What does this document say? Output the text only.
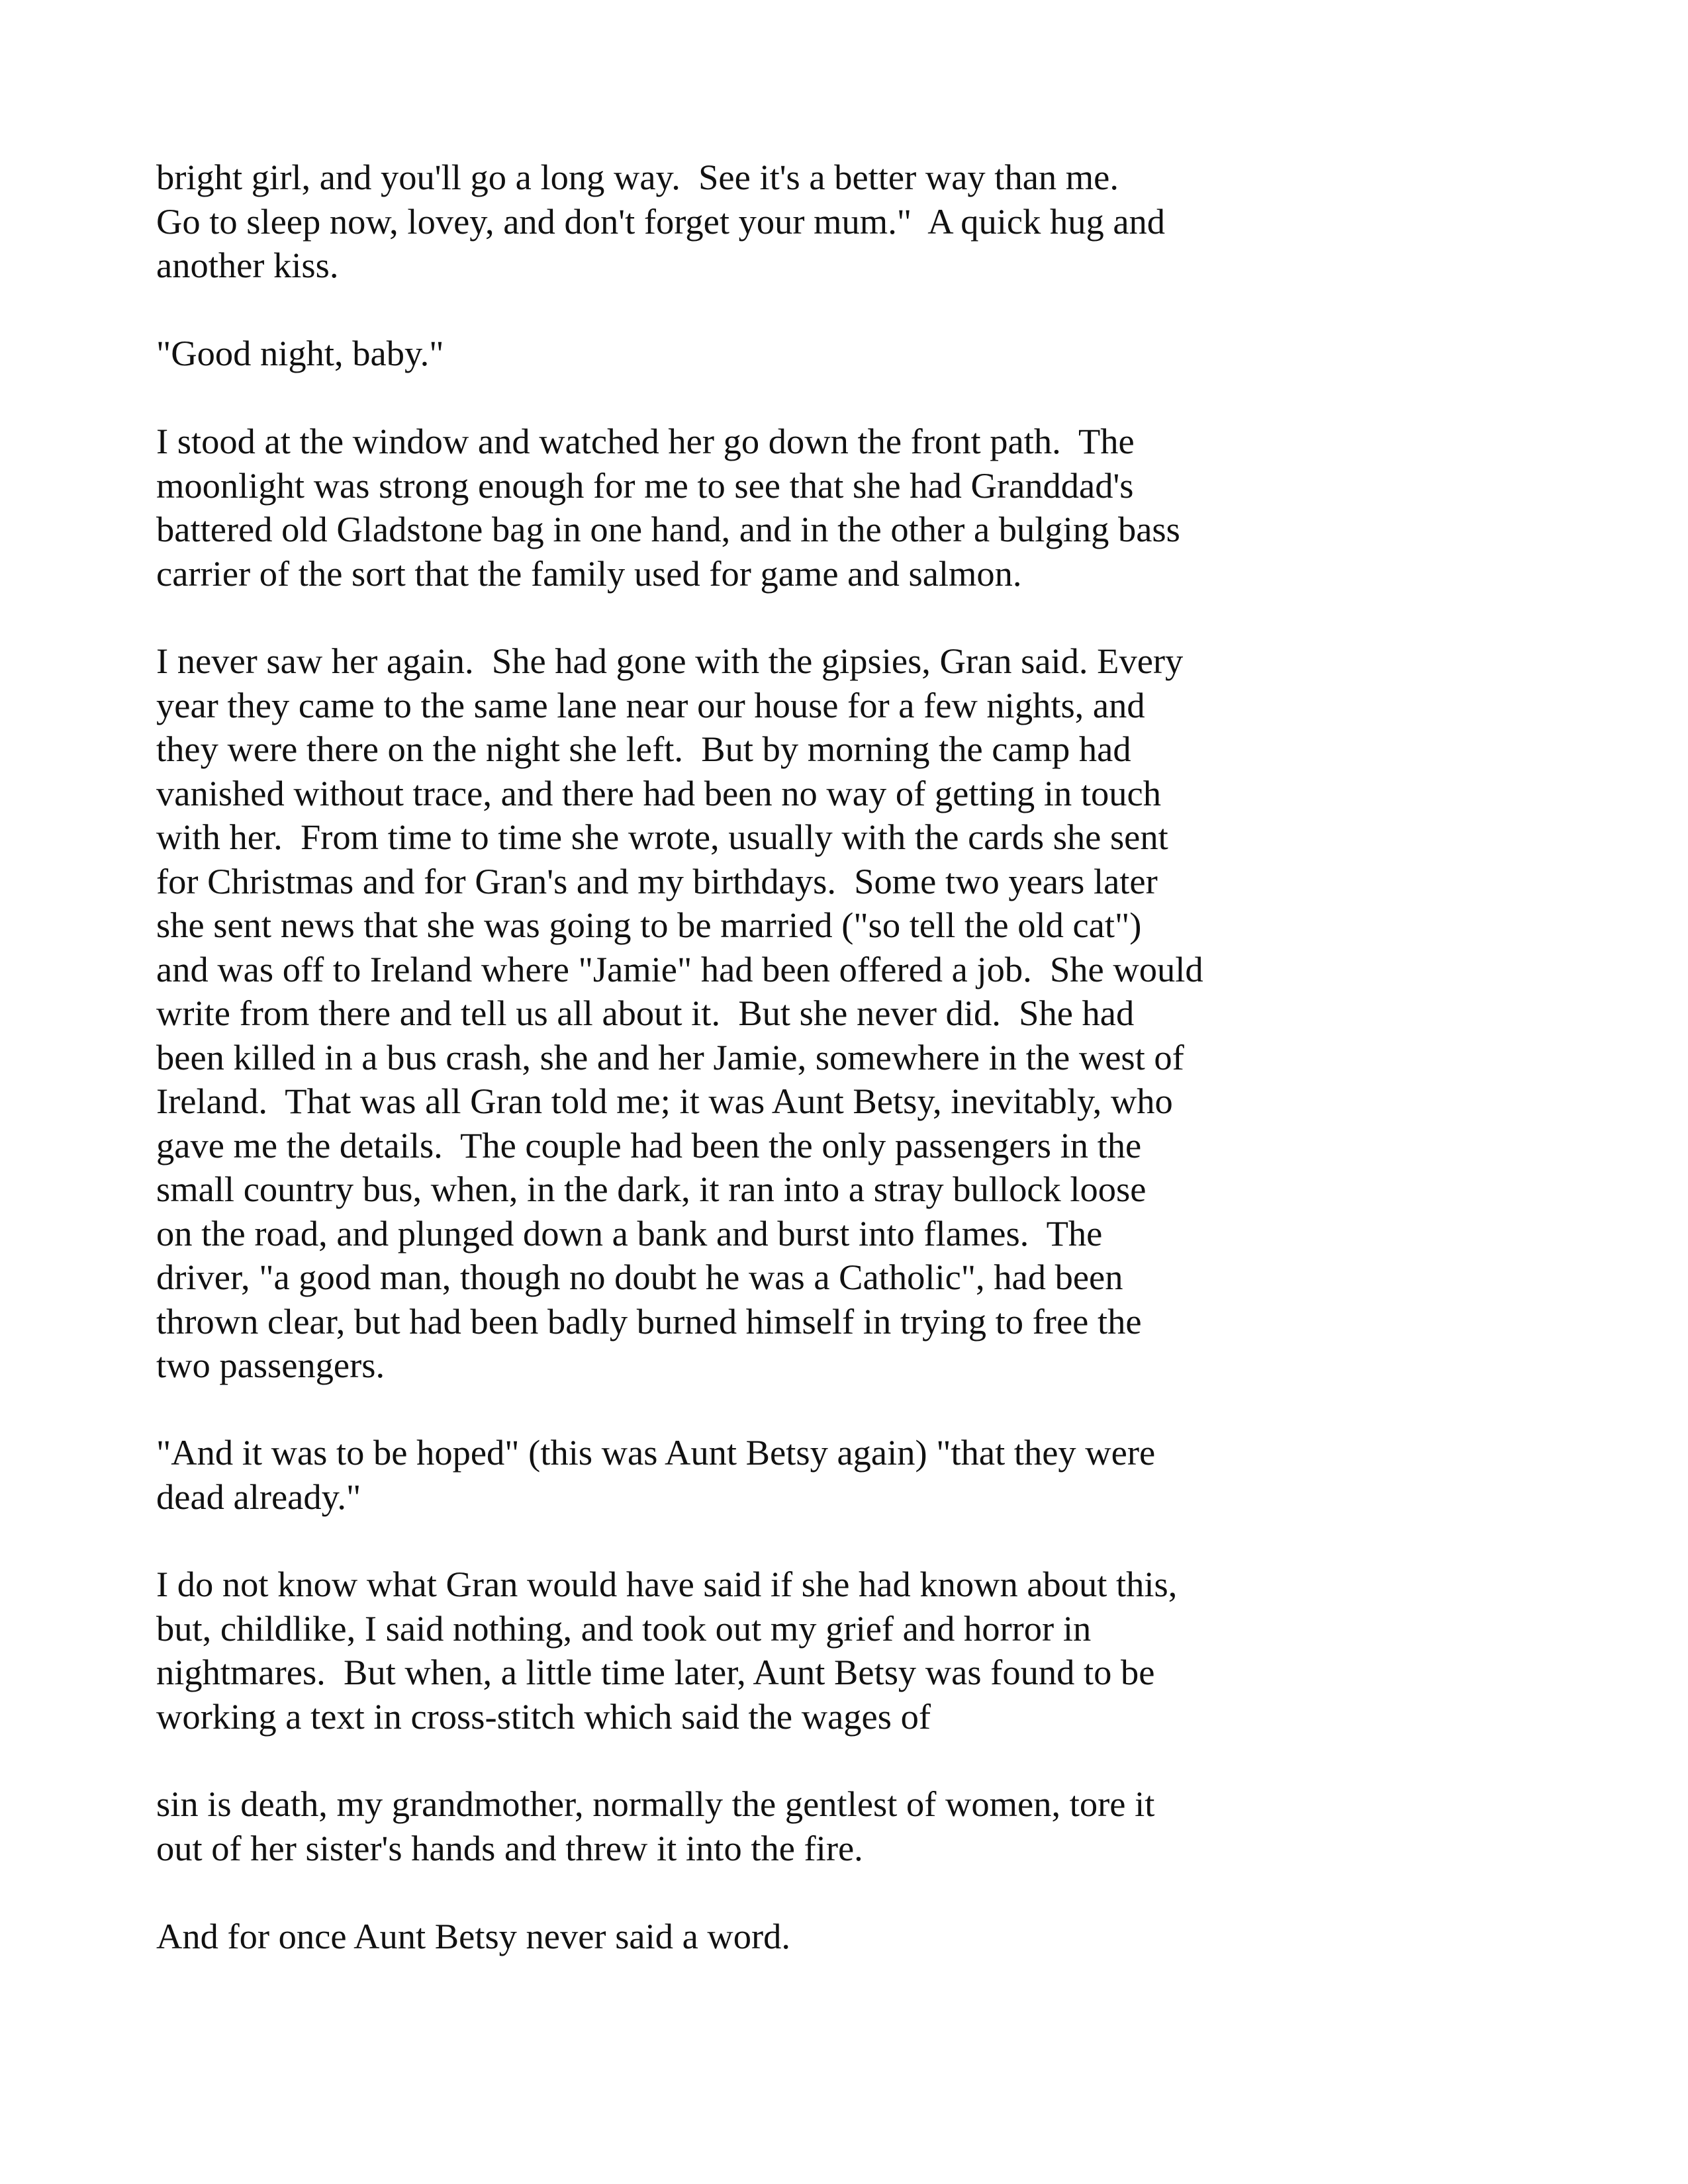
bright girl, and you'll go a long way.  See it's a better way than me.
Go to sleep now, lovey, and don't forget your mum."  A quick hug and
another kiss.

"Good night, baby."

I stood at the window and watched her go down the front path.  The
moonlight was strong enough for me to see that she had Granddad's
battered old Gladstone bag in one hand, and in the other a bulging bass
carrier of the sort that the family used for game and salmon.

I never saw her again.  She had gone with the gipsies, Gran said. Every
year they came to the same lane near our house for a few nights, and
they were there on the night she left.  But by morning the camp had
vanished without trace, and there had been no way of getting in touch
with her.  From time to time she wrote, usually with the cards she sent
for Christmas and for Gran's and my birthdays.  Some two years later
she sent news that she was going to be married ("so tell the old cat")
and was off to Ireland where "Jamie" had been offered a job.  She would
write from there and tell us all about it.  But she never did.  She had
been killed in a bus crash, she and her Jamie, somewhere in the west of
Ireland.  That was all Gran told me; it was Aunt Betsy, inevitably, who
gave me the details.  The couple had been the only passengers in the
small country bus, when, in the dark, it ran into a stray bullock loose
on the road, and plunged down a bank and burst into flames.  The
driver, "a good man, though no doubt he was a Catholic", had been
thrown clear, but had been badly burned himself in trying to free the
two passengers.

"And it was to be hoped" (this was Aunt Betsy again) "that they were
dead already."

I do not know what Gran would have said if she had known about this,
but, childlike, I said nothing, and took out my grief and horror in
nightmares.  But when, a little time later, Aunt Betsy was found to be
working a text in cross-stitch which said the wages of

sin is death, my grandmother, normally the gentlest of women, tore it
out of her sister's hands and threw it into the fire.

And for once Aunt Betsy never said a word.
